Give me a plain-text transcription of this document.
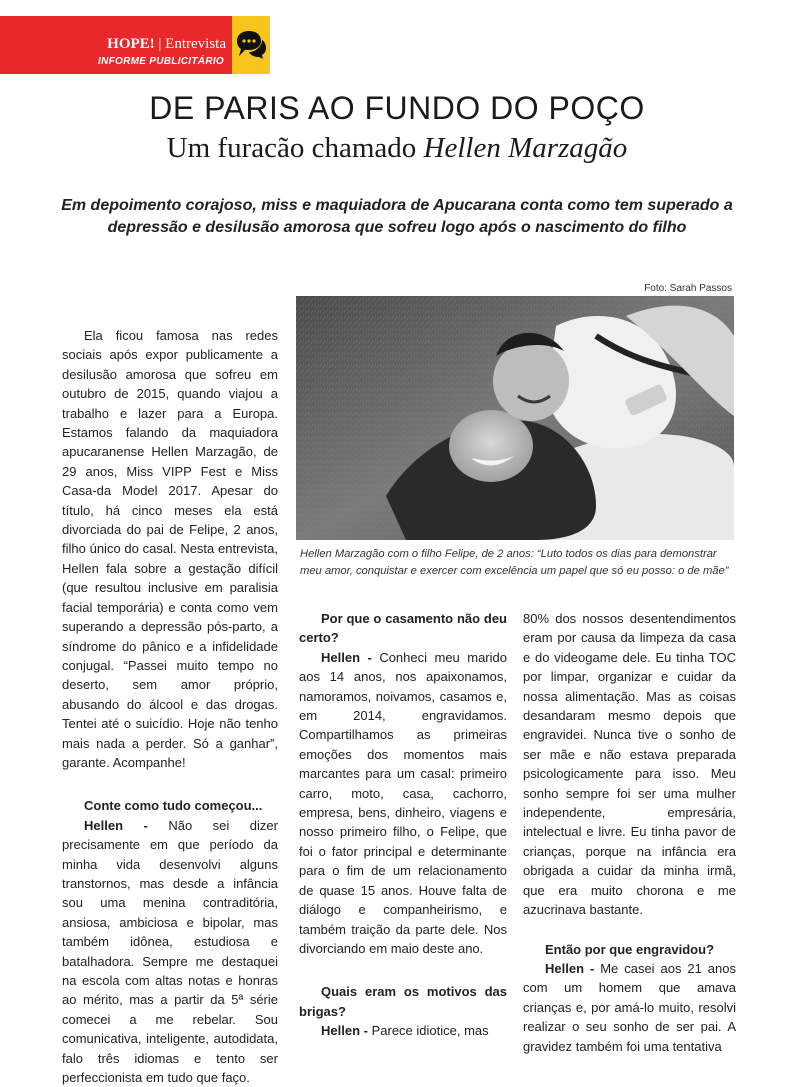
HOPE! | Entrevista
INFORME PUBLICITÁRIO
DE PARIS AO FUNDO DO POÇO
Um furacão chamado Hellen Marzagão
Em depoimento corajoso, miss e maquiadora de Apucarana conta como tem superado a depressão e desilusão amorosa que sofreu logo após o nascimento do filho
Foto: Sarah Passos
Hellen Marzagão com o filho Felipe, de 2 anos: “Luto todos os dias para demonstrar meu amor, conquistar e exercer com excelência um papel que só eu posso: o de mãe”

Ela ficou famosa nas redes sociais após expor publicamente a desilusão amorosa que sofreu em outubro de 2015, quando viajou a trabalho e lazer para a Europa. Estamos falando da maquiadora apucaranense Hellen Marzagão, de 29 anos, Miss VIPP Fest e Miss Casa-da Model 2017. Apesar do título, há cinco meses ela está divorciada do pai de Felipe, 2 anos, filho único do casal. Nesta entrevista, Hellen fala sobre a gestação difícil (que resultou inclusive em paralisia facial temporária) e conta como vem superando a depressão pós-parto, a síndrome do pânico e a infidelidade conjugal. “Passei muito tempo no deserto, sem amor próprio, abusando do álcool e das drogas. Tentei até o suicídio. Hoje não tenho mais nada a perder. Só a ganhar”, garante. Acompanhe!

Conte como tudo começou...

Hellen - Não sei dizer precisamente em que período da minha vida desenvolvi alguns transtornos, mas desde a infância sou uma menina contraditória, ansiosa, ambiciosa e bipolar, mas também idônea, estudiosa e batalhadora. Sempre me destaquei na escola com altas notas e honras ao mérito, mas a partir da 5ª série comecei a me rebelar. Sou comunicativa, inteligente, autodidata, falo três idiomas e tento ser perfeccionista em tudo que faço.

Por que o casamento não deu certo?

Hellen - Conheci meu marido aos 14 anos, nos apaixonamos, namoramos, noivamos, casamos e, em 2014, engravidamos. Compartilhamos as primeiras emoções dos momentos mais marcantes para um casal: primeiro carro, moto, casa, cachorro, empresa, bens, dinheiro, viagens e nosso primeiro filho, o Felipe, que foi o fator principal e determinante para o fim de um relacionamento de quase 15 anos. Houve falta de diálogo e companheirismo, e também traição da parte dele. Nos divorciando em maio deste ano.

Quais eram os motivos das brigas?

Hellen - Parece idiotice, mas

80% dos nossos desentendimentos eram por causa da limpeza da casa e do videogame dele. Eu tinha TOC por limpar, organizar e cuidar da nossa alimentação. Mas as coisas desandaram mesmo depois que engravidei. Nunca tive o sonho de ser mãe e não estava preparada psicologicamente para isso. Meu sonho sempre foi ser uma mulher independente, empresária, intelectual e livre. Eu tinha pavor de crianças, porque na infância era obrigada a cuidar da minha irmã, que era muito chorona e me azucrinava bastante.

Então por que engravidou?

Hellen - Me casei aos 21 anos com um homem que amava crianças e, por amá-lo muito, resolvi realizar o seu sonho de ser pai. A gravidez também foi uma tentativa
